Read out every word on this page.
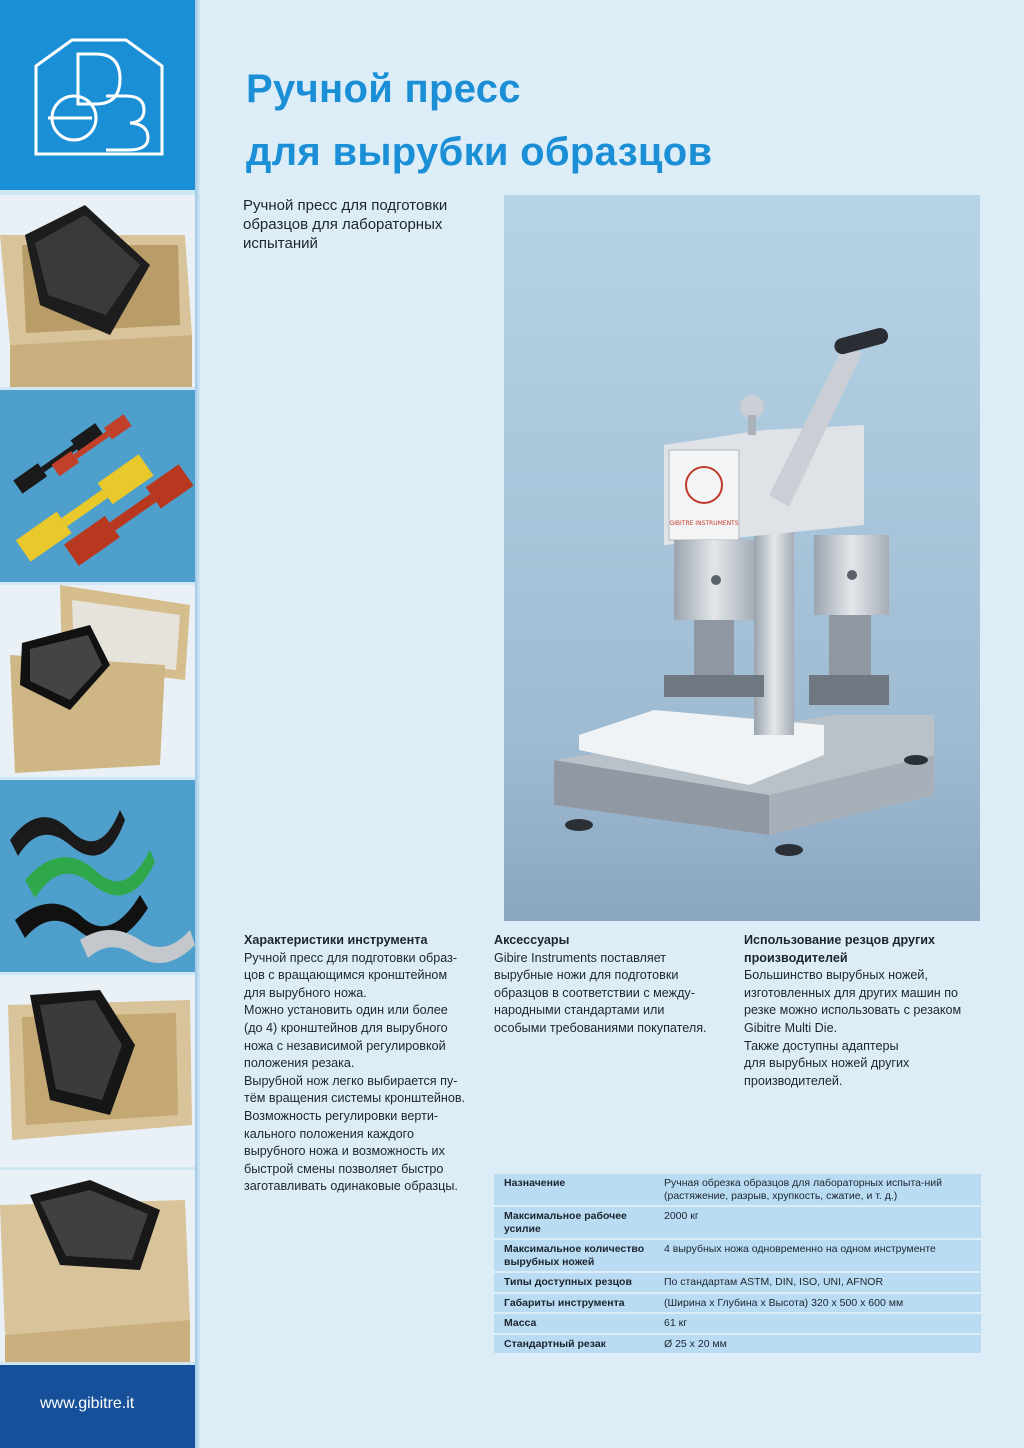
www.gibitre.it
Ручной пресс
для вырубки образцов

Ручной пресс для подготовки образцов для лабораторных испытаний

GIBITRE INSTRUMENTS
Характеристики инструмента

Ручной пресс для подготовки образ-

цов с вращающимся кронштейном

для вырубного ножа.

Можно установить один или более

(до 4) кронштейнов для вырубного

ножа с независимой регулировкой

положения резака.

Вырубной нож легко выбирается пу-

тём вращения системы кронштейнов.

Возможность регулировки верти-

кального положения каждого

вырубного ножа и возможность их

быстрой смены позволяет быстро

заготавливать одинаковые образцы.

Аксессуары

Gibire Instruments поставляет

вырубные ножи для подготовки

образцов в соответствии с между-

народными стандартами или

особыми требованиями покупателя.

Использование резцов других производителей

Большинство вырубных ножей,

изготовленных для других машин по

резке можно использовать с резаком

Gibitre Multi Die.

Также доступны адаптеры

для вырубных ножей других

производителей.

Назначение	Ручная обрезка образцов для лабораторных испыта-ний (растяжение, разрыв, хрупкость, сжатие, и т. д.)
Максимальное рабочее усилие	2000 кг
Максимальное количество вырубных ножей	4 вырубных ножа одновременно на одном инструменте
Типы доступных резцов	По стандартам ASTM, DIN, ISO, UNI, AFNOR
Габариты инструмента	(Ширина x Глубина x Высота) 320 x 500 x 600 мм
Масса	61 кг
Стандартный резак	Ø 25 x 20 мм
